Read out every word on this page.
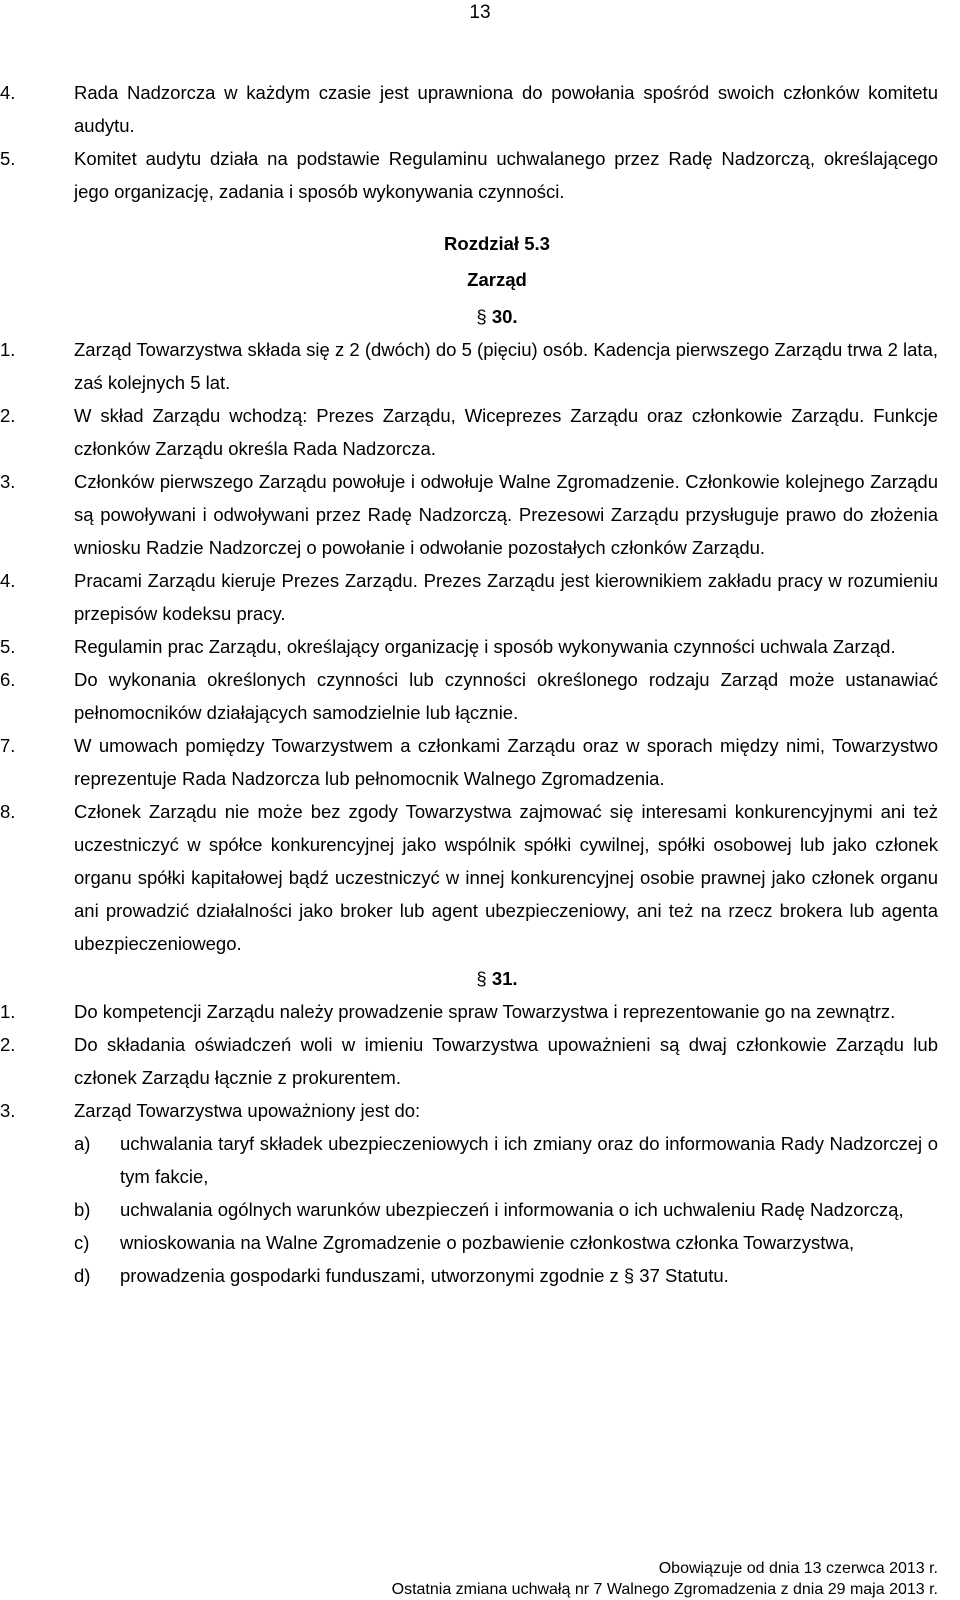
13
4.	Rada Nadzorcza w każdym czasie jest uprawniona do powołania spośród swoich członków komitetu audytu.
5.	Komitet audytu działa na podstawie Regulaminu uchwalanego przez Radę Nadzorczą, określającego jego organizację, zadania i sposób wykonywania czynności.
Rozdział 5.3
Zarząd
§ 30.
1.	Zarząd Towarzystwa składa się z 2 (dwóch) do 5 (pięciu) osób. Kadencja pierwszego Zarządu trwa 2 lata, zaś kolejnych 5 lat.
2.	W skład Zarządu wchodzą: Prezes Zarządu, Wiceprezes Zarządu oraz członkowie Zarządu. Funkcje członków Zarządu określa Rada Nadzorcza.
3.	Członków pierwszego Zarządu powołuje i odwołuje Walne Zgromadzenie. Członkowie kolejnego Zarządu są powoływani i odwoływani przez Radę Nadzorczą. Prezesowi Zarządu przysługuje prawo do złożenia wniosku Radzie Nadzorczej o powołanie i odwołanie pozostałych członków Zarządu.
4.	Pracami Zarządu kieruje Prezes Zarządu. Prezes Zarządu jest kierownikiem zakładu pracy w rozumieniu przepisów kodeksu pracy.
5.	Regulamin prac Zarządu, określający organizację i sposób wykonywania czynności uchwala Zarząd.
6.	Do wykonania określonych czynności lub czynności określonego rodzaju Zarząd może ustanawiać pełnomocników działających samodzielnie lub łącznie.
7.	W umowach pomiędzy Towarzystwem a członkami Zarządu oraz w sporach między nimi, Towarzystwo reprezentuje Rada Nadzorcza lub pełnomocnik Walnego Zgromadzenia.
8.	Członek Zarządu nie może bez zgody Towarzystwa zajmować się interesami konkurencyjnymi ani też uczestniczyć w spółce konkurencyjnej jako wspólnik spółki cywilnej, spółki osobowej lub jako członek organu spółki kapitałowej bądź uczestniczyć w innej konkurencyjnej osobie prawnej jako członek organu ani prowadzić działalności jako broker lub agent ubezpieczeniowy, ani też na rzecz brokera lub agenta ubezpieczeniowego.
§ 31.
1.	Do kompetencji Zarządu należy prowadzenie spraw Towarzystwa i reprezentowanie go na zewnątrz.
2.	Do składania oświadczeń woli w imieniu Towarzystwa upoważnieni są dwaj członkowie Zarządu lub członek Zarządu łącznie z prokurentem.
3.	Zarząd Towarzystwa upoważniony jest do:
a) uchwalania taryf składek ubezpieczeniowych i ich zmiany oraz do informowania Rady Nadzorczej o tym fakcie,
b) uchwalania ogólnych warunków ubezpieczeń i informowania o ich uchwaleniu Radę Nadzorczą,
c) wnioskowania na Walne Zgromadzenie o pozbawienie członkostwa członka Towarzystwa,
d) prowadzenia gospodarki funduszami, utworzonymi zgodnie z § 37 Statutu.
Obowiązuje od dnia 13 czerwca 2013 r.
Ostatnia zmiana uchwałą nr 7 Walnego Zgromadzenia z dnia 29 maja 2013 r.
